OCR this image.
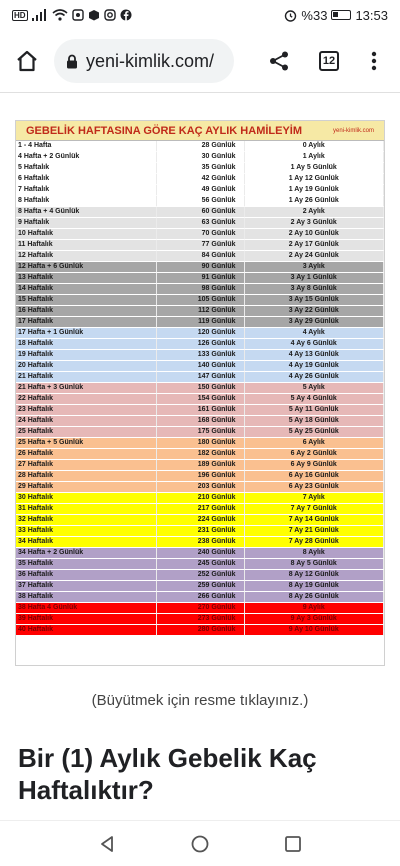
HD	%33 13:53
yeni-kimlik.com/	12
GEBELİK HAFTASINA GÖRE KAÇ AYLIK HAMİLEYİM	yeni-kimlik.com
1 - 4 Hafta	28 Günlük	0 Aylık
4 Hafta + 2 Günlük	30 Günlük	1 Aylık
5 Haftalık	35 Günlük	1 Ay 5 Günlük
6 Haftalık	42 Günlük	1 Ay 12 Günlük
7 Haftalık	49 Günlük	1 Ay 19 Günlük
8 Haftalık	56 Günlük	1 Ay 26 Günlük
8 Hafta + 4 Günlük	60 Günlük	2 Aylık
9 Haftalık	63 Günlük	2 Ay 3 Günlük
10 Haftalık	70 Günlük	2 Ay 10 Günlük
11 Haftalık	77 Günlük	2 Ay 17 Günlük
12 Haftalık	84 Günlük	2 Ay 24 Günlük
12 Hafta + 6 Günlük	90 Günlük	3 Aylık
13 Haftalık	91 Günlük	3 Ay 1 Günlük
14 Haftalık	98 Günlük	3 Ay 8 Günlük
15 Haftalık	105 Günlük	3 Ay 15 Günlük
16 Haftalık	112 Günlük	3 Ay 22 Günlük
17 Haftalık	119 Günlük	3 Ay 29 Günlük
17 Hafta + 1 Günlük	120 Günlük	4 Aylık
18 Haftalık	126 Günlük	4 Ay 6 Günlük
19 Haftalık	133 Günlük	4 Ay 13 Günlük
20 Haftalık	140 Günlük	4 Ay 19 Günlük
21 Haftalık	147 Günlük	4 Ay 26 Günlük
21 Hafta + 3 Günlük	150 Günlük	5 Aylık
22 Haftalık	154 Günlük	5 Ay 4 Günlük
23 Haftalık	161 Günlük	5 Ay 11 Günlük
24 Haftalık	168 Günlük	5 Ay 18 Günlük
25 Haftalık	175 Günlük	5 Ay 25 Günlük
25 Hafta + 5 Günlük	180 Günlük	6 Aylık
26 Haftalık	182 Günlük	6 Ay 2 Günlük
27 Haftalık	189 Günlük	6 Ay 9 Günlük
28 Haftalık	196 Günlük	6 Ay 16 Günlük
29 Haftalık	203 Günlük	6 Ay 23 Günlük
30 Haftalık	210 Günlük	7 Aylık
31 Haftalık	217 Günlük	7 Ay 7 Günlük
32 Haftalık	224 Günlük	7 Ay 14 Günlük
33 Haftalık	231 Günlük	7 Ay 21 Günlük
34 Haftalık	238 Günlük	7 Ay 28 Günlük
34 Hafta + 2 Günlük	240 Günlük	8 Aylık
35 Haftalık	245 Günlük	8 Ay 5 Günlük
36 Haftalık	252 Günlük	8 Ay 12 Günlük
37 Haftalık	259 Günlük	8 Ay 19 Günlük
38 Haftalık	266 Günlük	8 Ay 26 Günlük
38 Hafta 4 Günlük	270 Günlük	9 Aylık
39 Haftalık	273 Günlük	9 Ay 3 Günlük
40 Haftalık	280 Günlük	9 Ay 10 Günlük
(Büyütmek için resme tıklayınız.)
Bir (1) Aylık Gebelik Kaç Haftalıktır?
